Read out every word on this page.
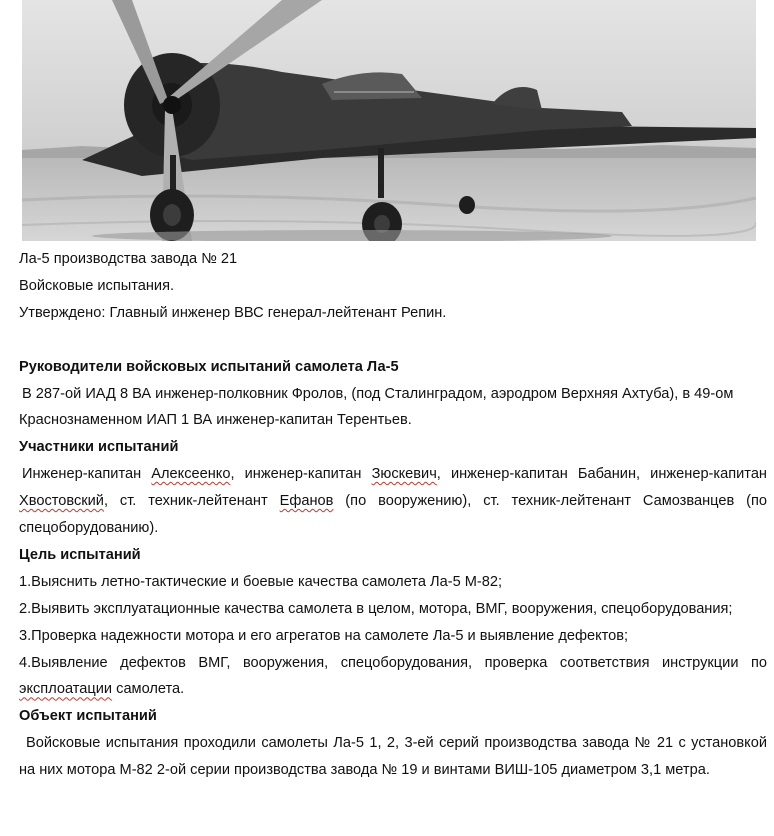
Ла-5 производства завода № 21

Войсковые испытания.

Утверждено: Главный инженер ВВС генерал-лейтенант Репин.

Руководители войсковых испытаний самолета Ла-5

В 287-ой ИАД 8 ВА инженер-полковник Фролов, (под Сталинградом, аэродром Верхняя Ахтуба), в 49-ом Краснознаменном ИАП 1 ВА инженер-капитан Терентьев.

Участники испытаний

Инженер-капитан Алексеенко, инженер-капитан Зюскевич, инженер-капитан Бабанин, инженер-капитан Хвостовский, ст. техник-лейтенант Ефанов (по вооружению), ст. техник-лейтенант Самозванцев (по спецоборудованию).

Цель испытаний

1.Выяснить летно-тактические и боевые качества самолета Ла-5 М-82;

2.Выявить эксплуатационные качества самолета в целом, мотора, ВМГ, вооружения, спецоборудования;

3.Проверка надежности мотора и его агрегатов на самолете Ла-5 и выявление дефектов;

4.Выявление дефектов ВМГ, вооружения, спецоборудования, проверка соответствия инструкции по эксплоатации самолета.

Объект испытаний

Войсковые испытания проходили самолеты Ла-5 1, 2, 3-ей серий производства завода № 21 с установкой на них мотора М-82 2-ой серии производства завода № 19 и винтами ВИШ-105 диаметром 3,1 метра.
